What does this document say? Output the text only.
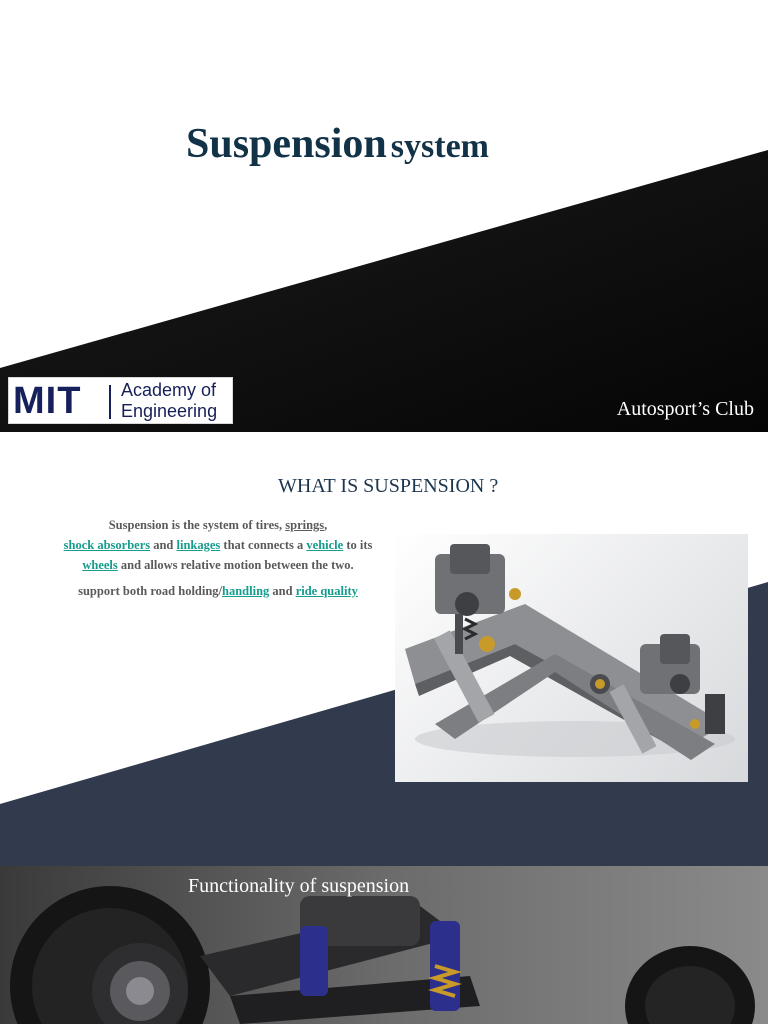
Suspension system
MIT Academy of
Engineering	Autosport’s Club
WHAT IS SUSPENSION ?

Suspension is the system of tires, springs,
shock absorbers and linkages that connects a vehicle to its wheels and allows relative motion between the two.

support both road holding/handling and ride quality

Functionality of suspension
